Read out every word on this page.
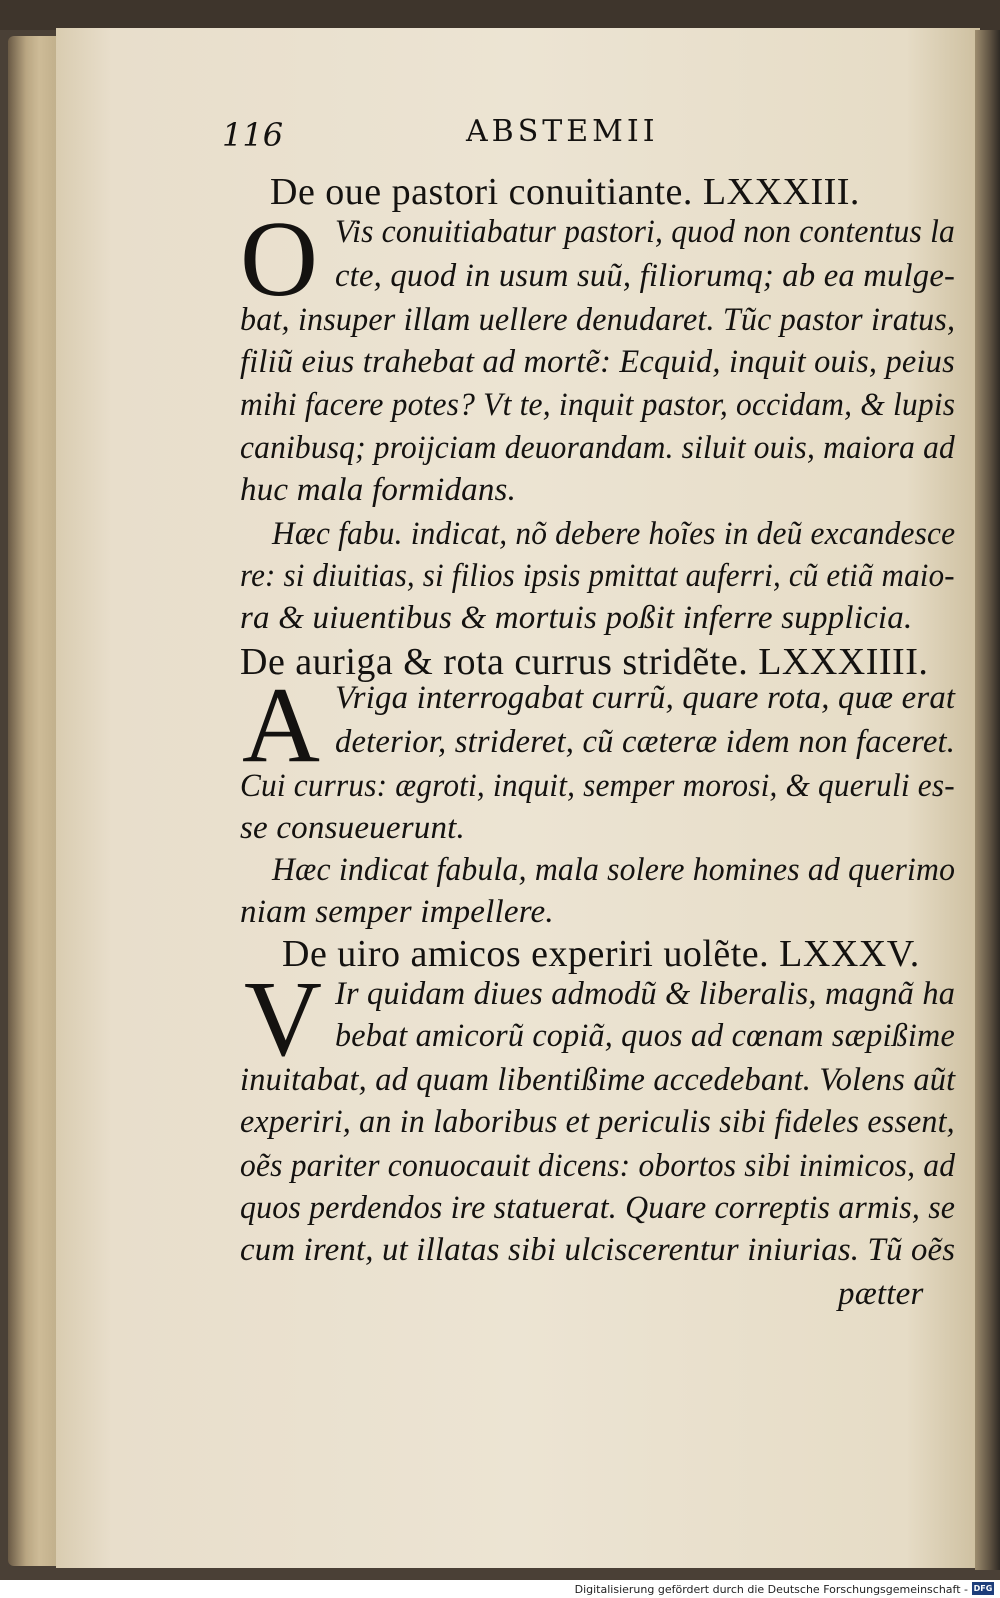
116	ABSTEMII

De oue pastori conuitiante. LXXXIII.

O Vis conuitiabatur pastori, quod non contentus la

cte, quod in usum suũ, filiorumq; ab ea mulge-

bat, insuper illam uellere denudaret. Tũc pastor iratus,

filiũ eius trahebat ad mortẽ: Ecquid, inquit ouis, peius

mihi facere potes? Vt te, inquit pastor, occidam, & lupis

canibusq; proijciam deuorandam. siluit ouis, maiora ad

huc mala formidans.

Hæc fabu. indicat, nõ debere hoĩes in deũ excandesce

re: si diuitias, si filios ipsis pmittat auferri, cũ etiã maio-

ra & uiuentibus & mortuis poßit inferre supplicia.

De auriga & rota currus stridẽte. LXXXIIII.

A Vriga interrogabat currũ, quare rota, quæ erat

deterior, strideret, cũ cæteræ idem non faceret.

Cui currus: ægroti, inquit, semper morosi, & queruli es-

se consueuerunt.

Hæc indicat fabula, mala solere homines ad querimo

niam semper impellere.

De uiro amicos experiri uolẽte. LXXXV.

V Ir quidam diues admodũ & liberalis, magnã ha

bebat amicorũ copiã, quos ad cœnam sæpißime

inuitabat, ad quam libentißime accedebant. Volens aũt

experiri, an in laboribus et periculis sibi fideles essent,

oẽs pariter conuocauit dicens: obortos sibi inimicos, ad

quos perdendos ire statuerat. Quare correptis armis, se

cum irent, ut illatas sibi ulciscerentur iniurias. Tũ oẽs

pætter

Digitalisierung gefördert durch die Deutsche Forschungsgemeinschaft - DFG
